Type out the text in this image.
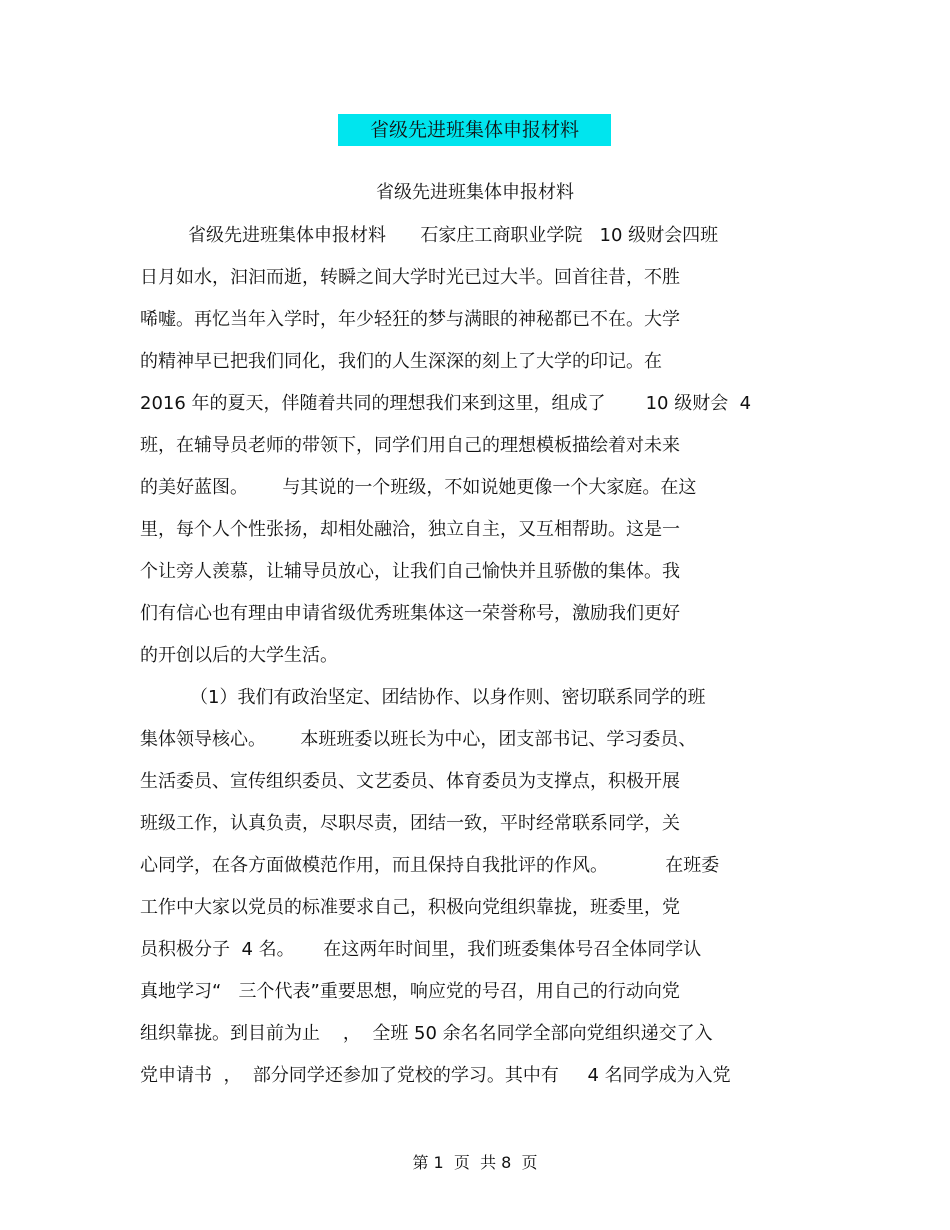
省级先进班集体申报材料
省级先进班集体申报材料
省级先进班集体申报材料      石家庄工商职业学院   10 级财会四班
日月如水，汩汩而逝，转瞬之间大学时光已过大半。回首往昔，不胜
唏嘘。再忆当年入学时，年少轻狂的梦与满眼的神秘都已不在。大学
的精神早已把我们同化，我们的人生深深的刻上了大学的印记。在
2016 年的夏天，伴随着共同的理想我们来到这里，组成了       10 级财会  4
班，在辅导员老师的带领下，同学们用自己的理想模板描绘着对未来
的美好蓝图。      与其说的一个班级，不如说她更像一个大家庭。在这
里，每个人个性张扬，却相处融洽，独立自主，又互相帮助。这是一
个让旁人羡慕，让辅导员放心，让我们自己愉快并且骄傲的集体。我
们有信心也有理由申请省级优秀班集体这一荣誉称号，激励我们更好
的开创以后的大学生活。
（1）我们有政治坚定、团结协作、以身作则、密切联系同学的班
集体领导核心。      本班班委以班长为中心，团支部书记、学习委员、
生活委员、宣传组织委员、文艺委员、体育委员为支撑点，积极开展
班级工作，认真负责，尽职尽责，团结一致，平时经常联系同学，关
心同学，在各方面做模范作用，而且保持自我批评的作风。          在班委
工作中大家以党员的标准要求自己，积极向党组织靠拢，班委里，党
员积极分子  4 名。     在这两年时间里，我们班委集体号召全体同学认
真地学习“   三个代表”重要思想，响应党的号召，用自己的行动向党
组织靠拢。到目前为止    ，  全班 50 余名名同学全部向党组织递交了入
党申请书  ，  部分同学还参加了党校的学习。其中有     4 名同学成为入党
第 1  页  共 8  页
